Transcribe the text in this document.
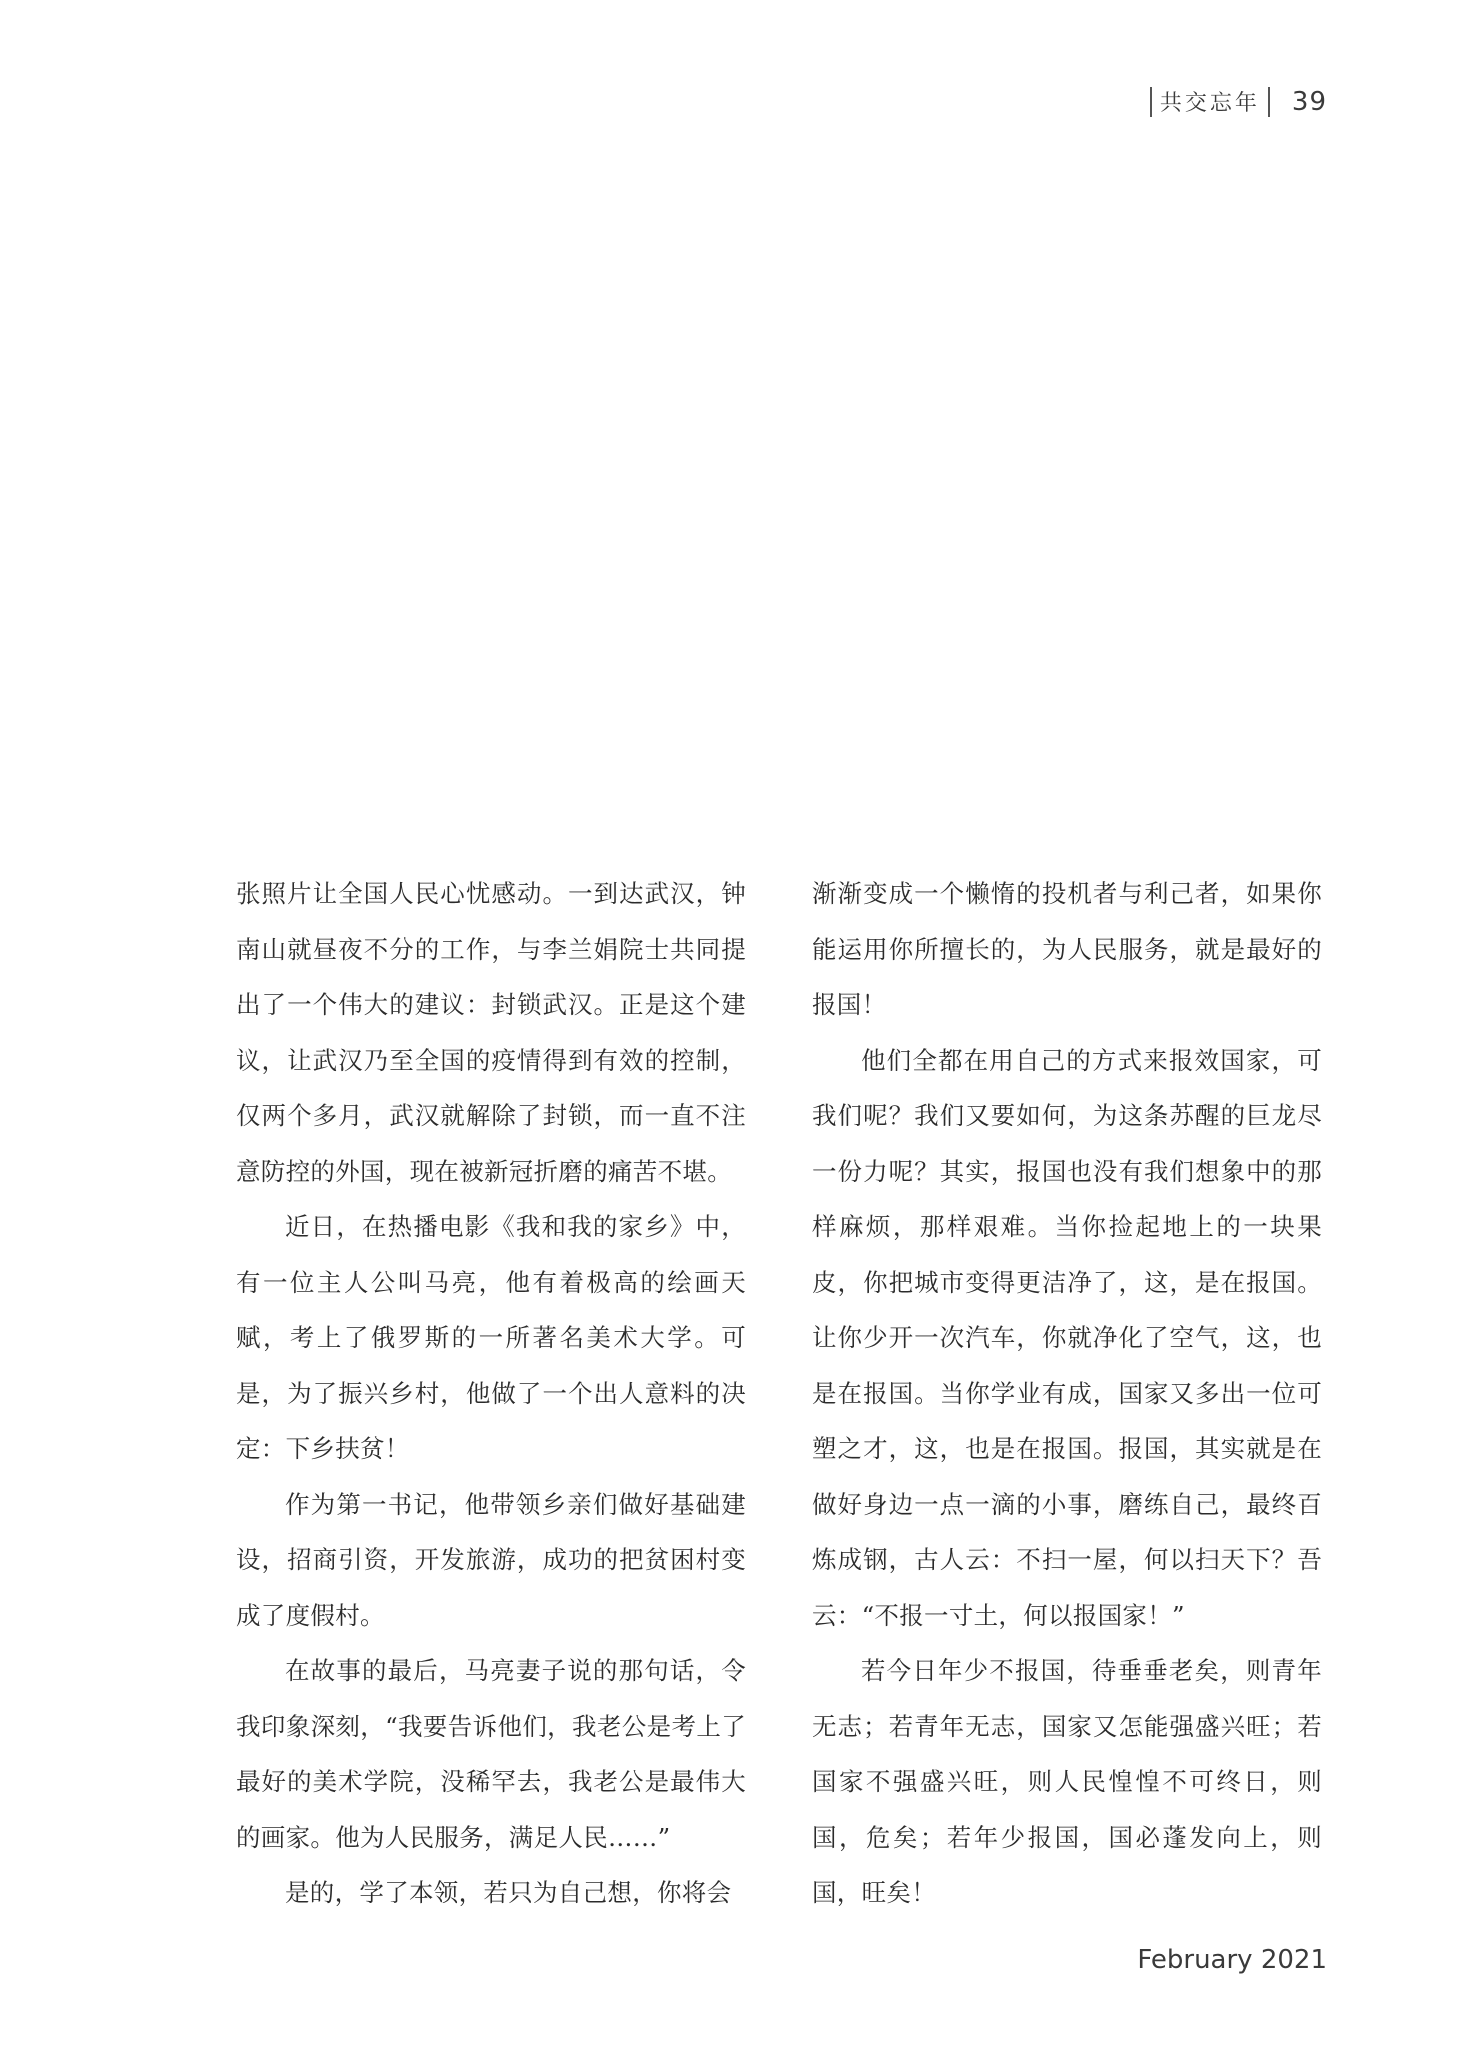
共交忘年 39

张照片让全国人民心忧感动。一到达武汉，钟南山就昼夜不分的工作，与李兰娟院士共同提出了一个伟大的建议：封锁武汉。正是这个建议，让武汉乃至全国的疫情得到有效的控制，仅两个多月，武汉就解除了封锁，而一直不注意防控的外国，现在被新冠折磨的痛苦不堪。

近日，在热播电影《我和我的家乡》中，有一位主人公叫马亮，他有着极高的绘画天赋，考上了俄罗斯的一所著名美术大学。可是，为了振兴乡村，他做了一个出人意料的决定：下乡扶贫！

作为第一书记，他带领乡亲们做好基础建设，招商引资，开发旅游，成功的把贫困村变成了度假村。

在故事的最后，马亮妻子说的那句话，令我印象深刻，“我要告诉他们，我老公是考上了最好的美术学院，没稀罕去，我老公是最伟大的画家。他为人民服务，满足人民……”

是的，学了本领，若只为自己想，你将会

渐渐变成一个懒惰的投机者与利己者，如果你能运用你所擅长的，为人民服务，就是最好的报国！

他们全都在用自己的方式来报效国家，可我们呢？我们又要如何，为这条苏醒的巨龙尽一份力呢？其实，报国也没有我们想象中的那样麻烦，那样艰难。当你捡起地上的一块果皮，你把城市变得更洁净了，这，是在报国。让你少开一次汽车，你就净化了空气，这，也是在报国。当你学业有成，国家又多出一位可塑之才，这，也是在报国。报国，其实就是在做好身边一点一滴的小事，磨练自己，最终百炼成钢，古人云：不扫一屋，何以扫天下？吾云：“不报一寸土，何以报国家！”

若今日年少不报国，待垂垂老矣，则青年无志；若青年无志，国家又怎能强盛兴旺；若国家不强盛兴旺，则人民惶惶不可终日，则国，危矣；若年少报国，国必蓬发向上，则国，旺矣！

February 2021
